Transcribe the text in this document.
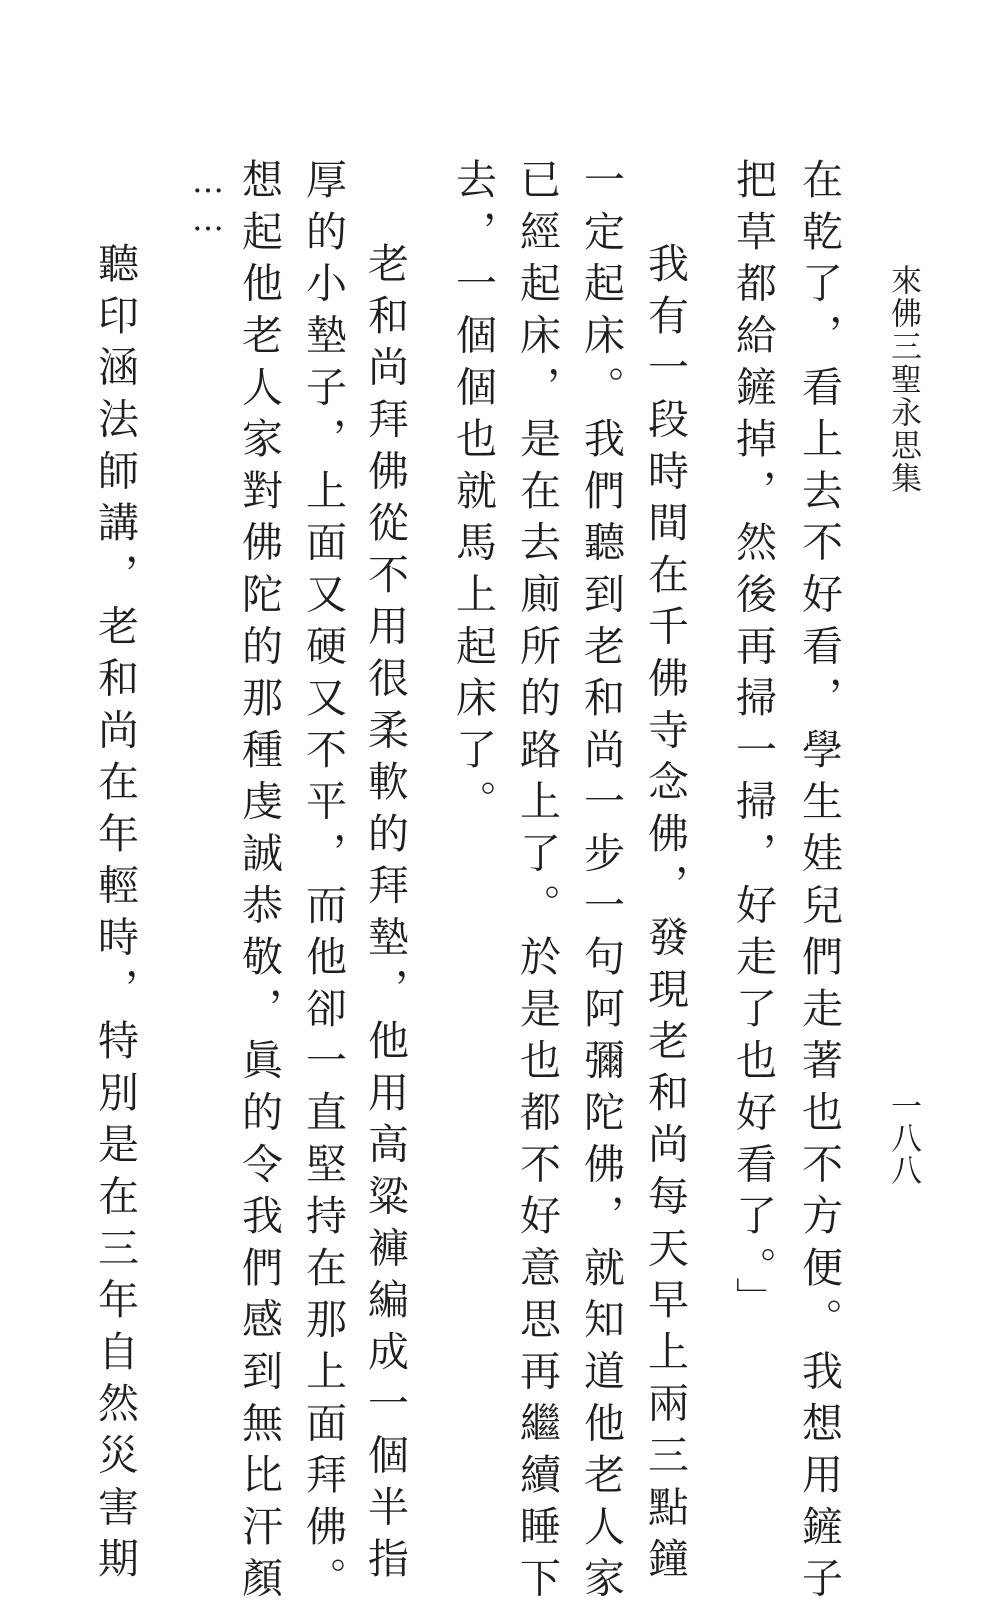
來佛三聖永思集
一八八
在乾了，看上去不好看，學生娃兒們走著也不方便。我想用鏟子
把草都給鏟掉，然後再掃一掃，好走了也好看了。」
我有一段時間在千佛寺念佛，發現老和尚每天早上兩三點鐘
一定起床。我們聽到老和尚一步一句阿彌陀佛，就知道他老人家
已經起床，是在去廁所的路上了。於是也都不好意思再繼續睡下
去，一個個也就馬上起床了。
老和尚拜佛從不用很柔軟的拜墊，他用高粱褲編成一個半指
厚的小墊子，上面又硬又不平，而他卻一直堅持在那上面拜佛。
想起他老人家對佛陀的那種虔誠恭敬，眞的令我們感到無比汗顏
……
聽印涵法師講，老和尚在年輕時，特別是在三年自然災害期
